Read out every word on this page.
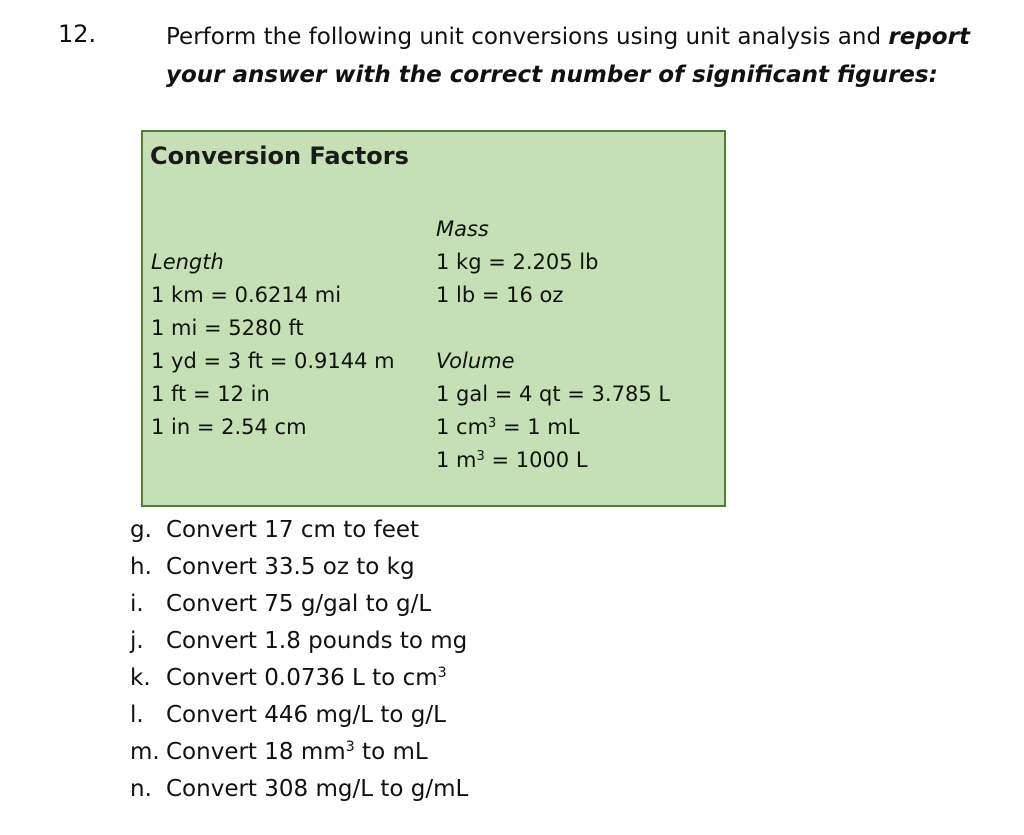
12.	Perform the following unit conversions using unit analysis and report your answer with the correct number of significant figures:
Conversion Factors
Length
1 km = 0.6214 mi
1 mi = 5280 ft
1 yd = 3 ft = 0.9144 m
1 ft = 12 in
1 in = 2.54 cm
Mass
1 kg = 2.205 lb
1 lb = 16 oz
Volume
1 gal = 4 qt = 3.785 L
1 $cm^3 = 1$ mL
1 $m^3 = 1000$ L
g. Convert 17 cm to feet
h. Convert 33.5 oz to kg
i. Convert 75 g/gal to g/L
j. Convert 1.8 pounds to mg
k. Convert 0.0736 L to $cm^3$
l. Convert 446 mg/L to g/L
m. Convert 18 $mm^3$ to mL
n. Convert 308 mg/L to g/mL
